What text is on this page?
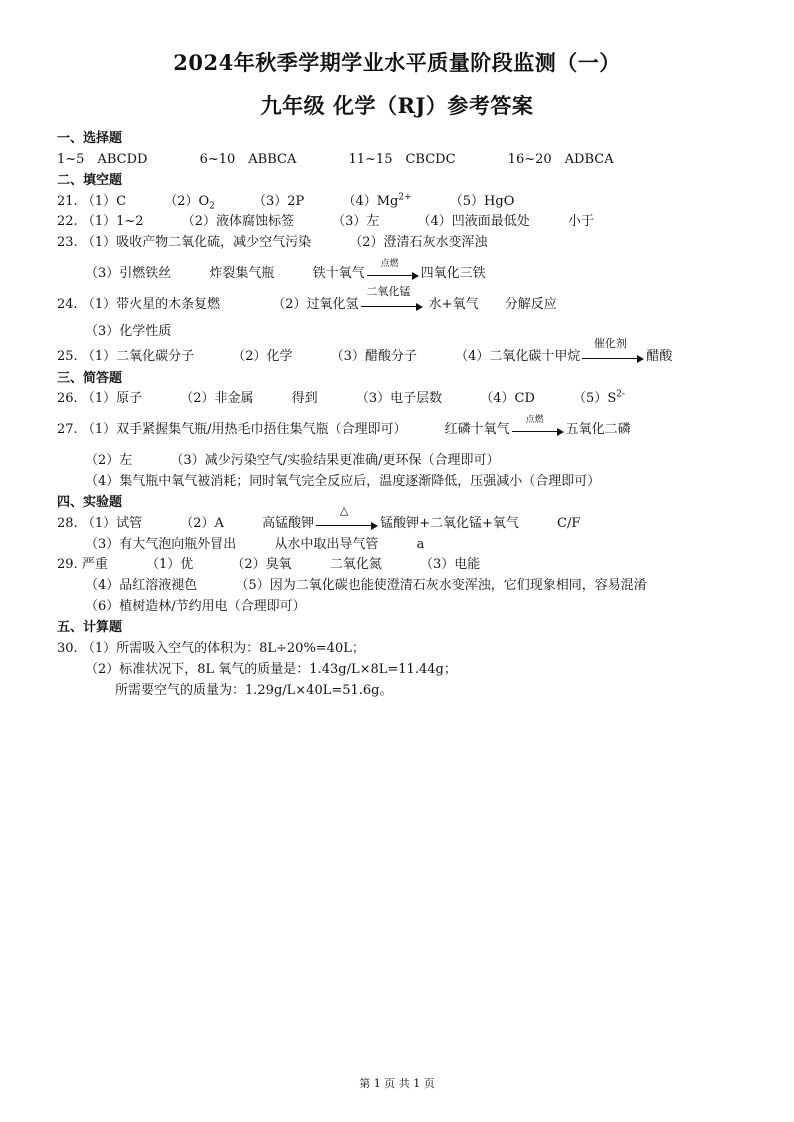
2024年秋季学期学业水平质量阶段监测（一）
九年级 化学（RJ）参考答案
一、选择题
1~5　ABCDD	6~10　ABBCA	11~15　CBCDC	16~20　ADBCA
二、填空题
21. （1）C	$(2)O_2$	（3）2P	$(4)Mg^{2+}$	（5）HgO
22. （1）1~2	（2）液体腐蚀标签	（3）左	（4）凹液面最低处	小于
23. （1）吸收产物二氧化硫，减少空气污染	（2）澄清石灰水变浑浊
（3）引燃铁丝	炸裂集气瓶	铁十氧气
点燃
四氧化三铁
24. （1）带火星的木条复燃	（2）过氧化氢
二氧化锰
水+氧气 分解反应
（3）化学性质
25. （1）二氧化碳分子	（2）化学	（3）醋酸分子	（4）二氧化碳十甲烷
催化剂
醋酸
三、简答题
26. （1）原子	（2）非金属	得到	（3）电子层数	（4）CD	$(5)S^{2-}$
27. （1）双手紧握集气瓶/用热毛巾捂住集气瓶（合理即可）	红磷十氧气
点燃
五氧化二磷
（2）左	（3）减少污染空气/实验结果更准确/更环保（合理即可）
（4）集气瓶中氧气被消耗；同时氧气完全反应后，温度逐渐降低，压强减小（合理即可）
四、实验题
28. （1）试管	（2）A	高锰酸钾
△
锰酸钾+二氧化锰+氧气	C/F
（3）有大气泡向瓶外冒出	从水中取出导气管	a
29. 严重	（1）优	（2）臭氧	二氧化氮	（3）电能
（4）品红溶液褪色	（5）因为二氧化碳也能使澄清石灰水变浑浊，它们现象相同，容易混淆
（6）植树造林/节约用电（合理即可）
五、计算题
30. （1）所需吸入空气的体积为：8L÷20%=40L；
（2）标准状况下，8L 氧气的质量是：1.43g/L×8L=11.44g；
所需要空气的质量为：1.29g/L×40L=51.6g。
第 1 页 共 1 页
